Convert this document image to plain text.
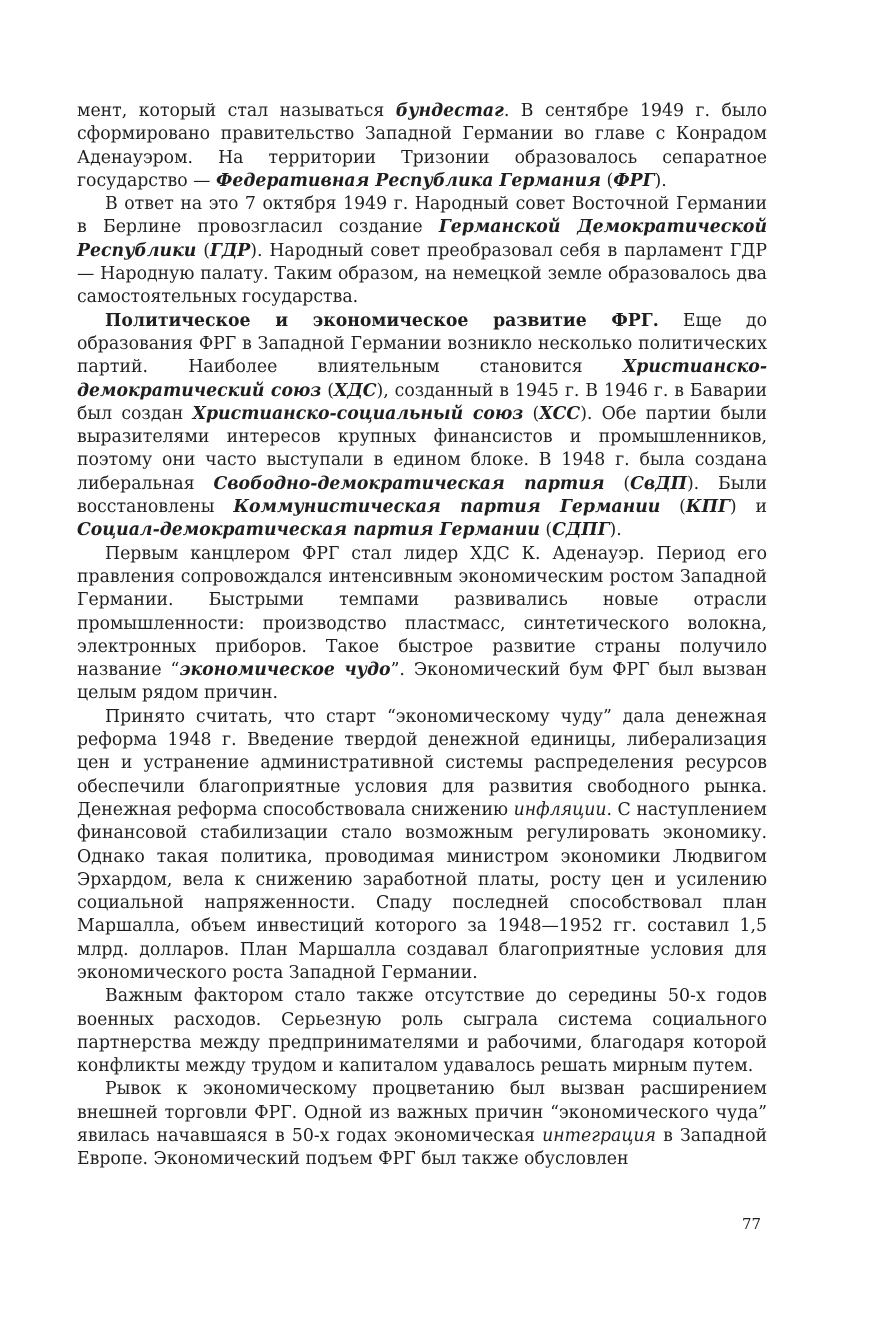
мент, который стал называться бундестаг. В сентябре 1949 г. было сформировано правительство Западной Германии во главе с Конрадом Аденауэром. На территории Тризонии образовалось сепаратное государство — Федеративная Республика Германия (ФРГ).

В ответ на это 7 октября 1949 г. Народный совет Восточной Германии в Берлине провозгласил создание Германской Демократической Республики (ГДР). Народный совет преобразовал себя в парламент ГДР — Народную палату. Таким образом, на немецкой земле образовалось два самостоятельных государства.

Политическое и экономическое развитие ФРГ. Еще до образования ФРГ в Западной Германии возникло несколько политических партий. Наиболее влиятельным становится Христианско-демократический союз (ХДС), созданный в 1945 г. В 1946 г. в Баварии был создан Христианско-социальный союз (ХСС). Обе партии были выразителями интересов крупных финансистов и промышленников, поэтому они часто выступали в едином блоке. В 1948 г. была создана либеральная Свободно-демократическая партия (СвДП). Были восстановлены Коммунистическая партия Германии (КПГ) и Социал-демократическая партия Германии (СДПГ).

Первым канцлером ФРГ стал лидер ХДС К. Аденауэр. Период его правления сопровождался интенсивным экономическим ростом Западной Германии. Быстрыми темпами развивались новые отрасли промышленности: производство пластмасс, синтетического волокна, электронных приборов. Такое быстрое развитие страны получило название “экономическое чудо”. Экономический бум ФРГ был вызван целым рядом причин.

Принято считать, что старт “экономическому чуду” дала денежная реформа 1948 г. Введение твердой денежной единицы, либерализация цен и устранение административной системы распределения ресурсов обеспечили благоприятные условия для развития свободного рынка. Денежная реформа способствовала снижению инфляции. С наступлением финансовой стабилизации стало возможным регулировать экономику. Однако такая политика, проводимая министром экономики Людвигом Эрхардом, вела к снижению заработной платы, росту цен и усилению социальной напряженности. Спаду последней способствовал план Маршалла, объем инвестиций которого за 1948—1952 гг. составил 1,5 млрд. долларов. План Маршалла создавал благоприятные условия для экономического роста Западной Германии.

Важным фактором стало также отсутствие до середины 50-х годов военных расходов. Серьезную роль сыграла система социального партнерства между предпринимателями и рабочими, благодаря которой конфликты между трудом и капиталом удавалось решать мирным путем.

Рывок к экономическому процветанию был вызван расширением внешней торговли ФРГ. Одной из важных причин “экономического чуда” явилась начавшаяся в 50-х годах экономическая интеграция в Западной Европе. Экономический подъем ФРГ был также обусловлен

77
